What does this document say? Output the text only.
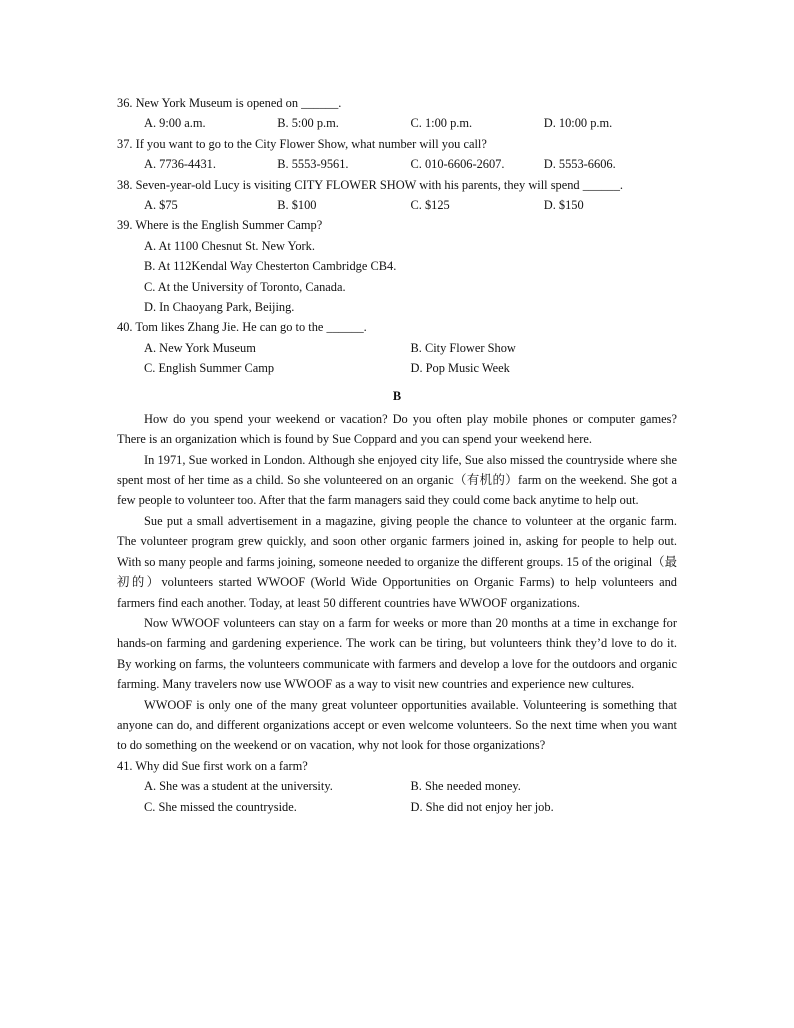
36. New York Museum is opened on ______.
A. 9:00 a.m.	B. 5:00 p.m.	C. 1:00 p.m.	D. 10:00 p.m.
37. If you want to go to the City Flower Show, what number will you call?
A. 7736-4431.	B. 5553-9561.	C. 010-6606-2607.	D. 5553-6606.
38. Seven-year-old Lucy is visiting CITY FLOWER SHOW with his parents, they will spend ______.
A. $75	B. $100	C. $125	D. $150
39. Where is the English Summer Camp?
A. At 1100 Chesnut St. New York.
B. At 112Kendal Way Chesterton Cambridge CB4.
C. At the University of Toronto, Canada.
D. In Chaoyang Park, Beijing.
40. Tom likes Zhang Jie. He can go to the ______.
A. New York Museum	B. City Flower Show
C. English Summer Camp	D. Pop Music Week
B

How do you spend your weekend or vacation? Do you often play mobile phones or computer games? There is an organization which is found by Sue Coppard and you can spend your weekend here.

In 1971, Sue worked in London. Although she enjoyed city life, Sue also missed the countryside where she spent most of her time as a child. So she volunteered on an organic（有机的）farm on the weekend. She got a few people to volunteer too. After that the farm managers said they could come back anytime to help out.

Sue put a small advertisement in a magazine, giving people the chance to volunteer at the organic farm. The volunteer program grew quickly, and soon other organic farmers joined in, asking for people to help out. With so many people and farms joining, someone needed to organize the different groups. 15 of the original（最初的）volunteers started WWOOF (World Wide Opportunities on Organic Farms) to help volunteers and farmers find each another. Today, at least 50 different countries have WWOOF organizations.

Now WWOOF volunteers can stay on a farm for weeks or more than 20 months at a time in exchange for hands-on farming and gardening experience. The work can be tiring, but volunteers think they’d love to do it. By working on farms, the volunteers communicate with farmers and develop a love for the outdoors and organic farming. Many travelers now use WWOOF as a way to visit new countries and experience new cultures.

WWOOF is only one of the many great volunteer opportunities available. Volunteering is something that anyone can do, and different organizations accept or even welcome volunteers. So the next time when you want to do something on the weekend or on vacation, why not look for those organizations?

41. Why did Sue first work on a farm?
A. She was a student at the university.	B. She needed money.
C. She missed the countryside.	D. She did not enjoy her job.
